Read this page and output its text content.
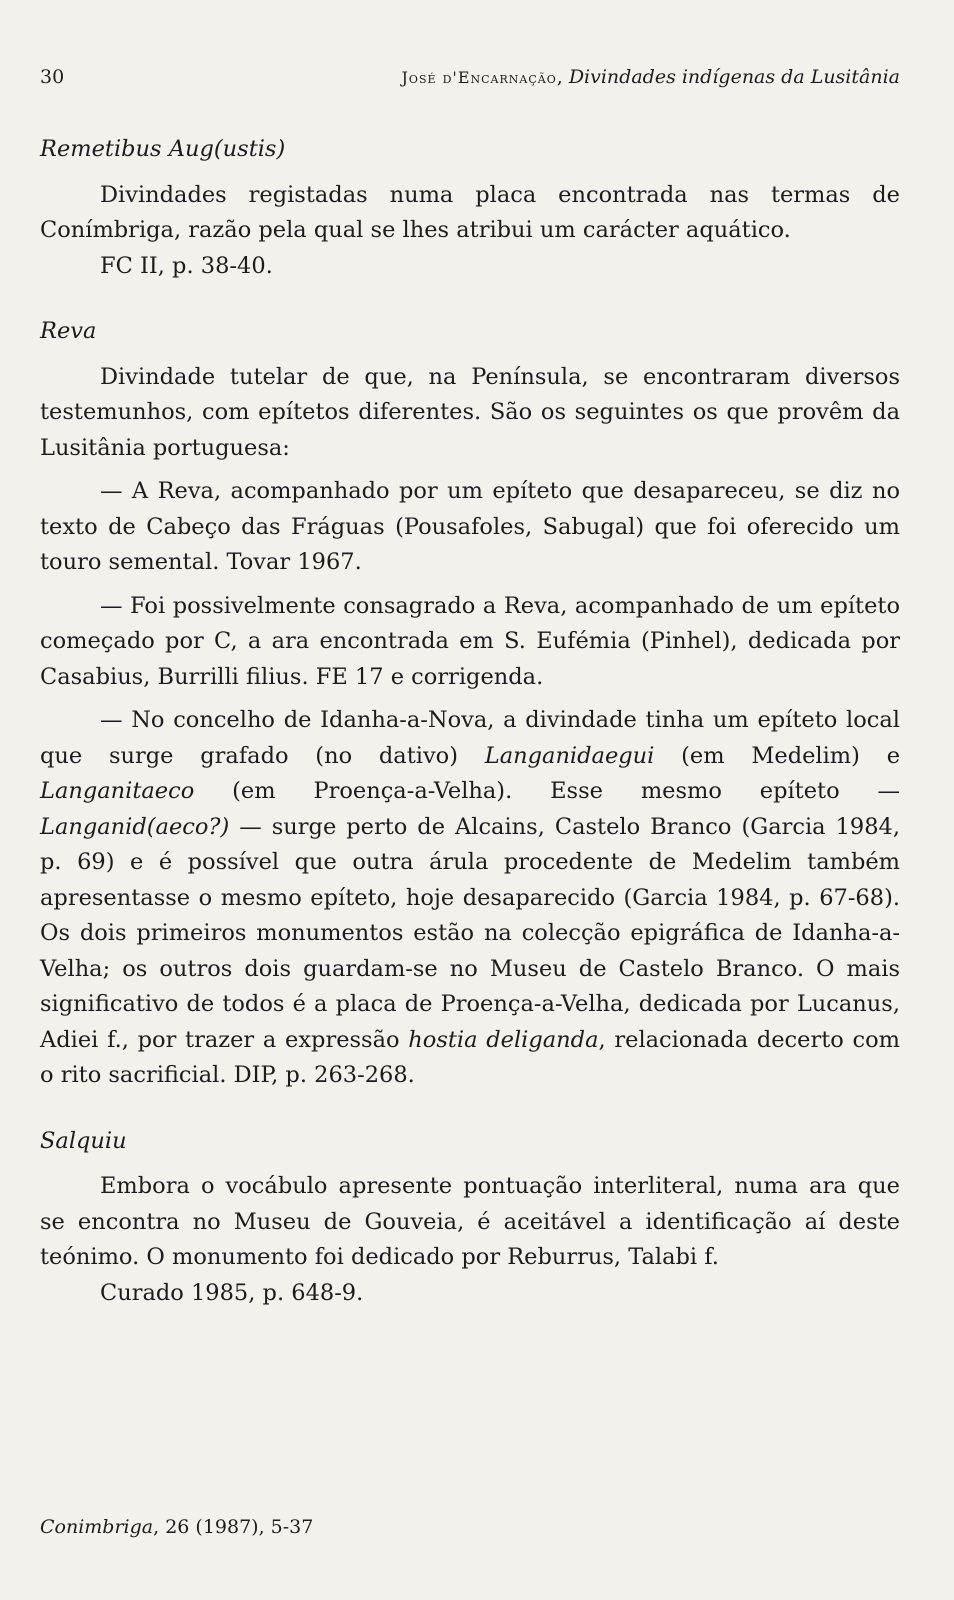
30	José d'Encarnação, Divindades indígenas da Lusitânia
Remetibus Aug(ustis)

Divindades registadas numa placa encontrada nas termas de Conímbriga, razão pela qual se lhes atribui um carácter aquático.

FC II, p. 38-40.

Reva

Divindade tutelar de que, na Península, se encontraram diversos testemunhos, com epítetos diferentes. São os seguintes os que provêm da Lusitânia portuguesa:

— A Reva, acompanhado por um epíteto que desapareceu, se diz no texto de Cabeço das Fráguas (Pousafoles, Sabugal) que foi oferecido um touro semental. Tovar 1967.

— Foi possivelmente consagrado a Reva, acompanhado de um epíteto começado por C, a ara encontrada em S. Eufémia (Pinhel), dedicada por Casabius, Burrilli filius. FE 17 e corrigenda.

— No concelho de Idanha-a-Nova, a divindade tinha um epíteto local que surge grafado (no dativo) Langanidaegui (em Medelim) e Langanitaeco (em Proença-a-Velha). Esse mesmo epíteto — Langanid(aeco?) — surge perto de Alcains, Castelo Branco (Garcia 1984, p. 69) e é possível que outra árula procedente de Medelim também apresentasse o mesmo epíteto, hoje desaparecido (Garcia 1984, p. 67-68). Os dois primeiros monumentos estão na colecção epigráfica de Idanha-a-Velha; os outros dois guardam-se no Museu de Castelo Branco. O mais significativo de todos é a placa de Proença-a-Velha, dedicada por Lucanus, Adiei f., por trazer a expressão hostia deliganda, relacionada decerto com o rito sacrificial. DIP, p. 263-268.

Salquiu

Embora o vocábulo apresente pontuação interliteral, numa ara que se encontra no Museu de Gouveia, é aceitável a identificação aí deste teónimo. O monumento foi dedicado por Reburrus, Talabi f.

Curado 1985, p. 648-9.

Conimbriga, 26 (1987), 5-37
